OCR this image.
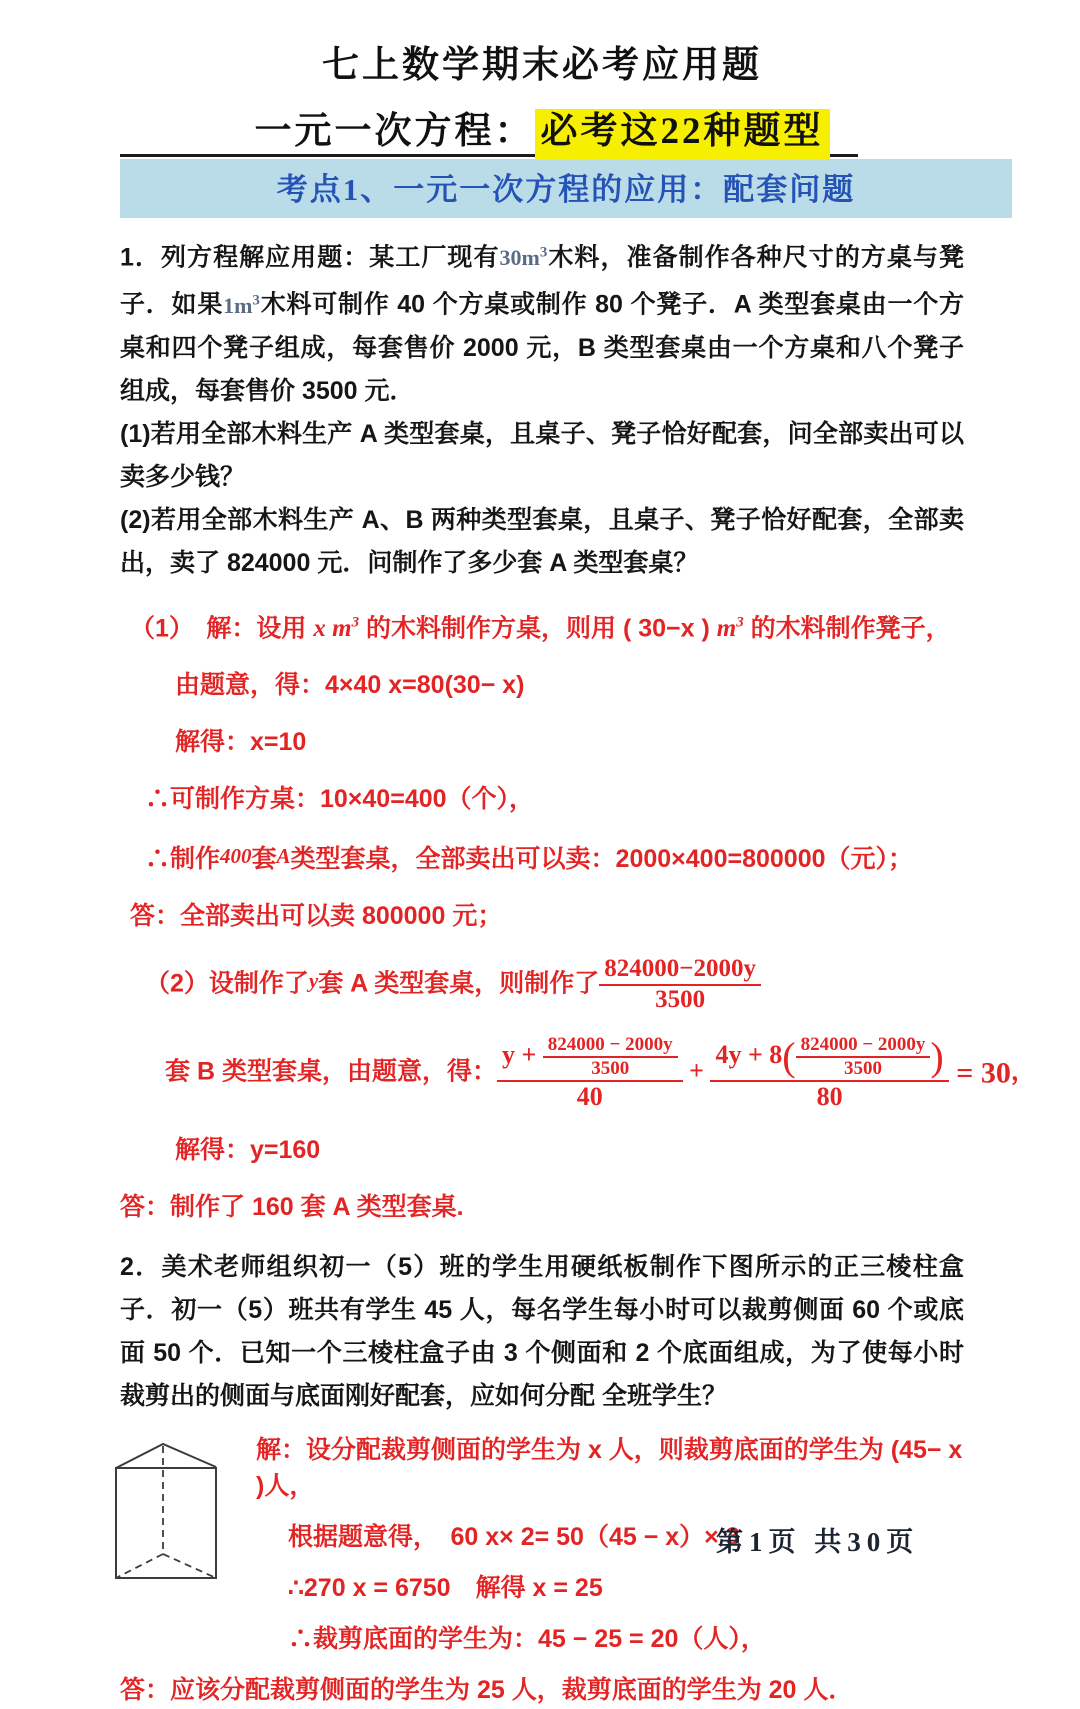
七上数学期末必考应用题
一元一次方程： 必考这22种题型
考点1、一元一次方程的应用：配套问题

1．列方程解应用题：某工厂现有$30m^3$木料，准备制作各种尺寸的方桌与凳子．如果$1m^3$木料可制作 40 个方桌或制作 80 个凳子．A 类型套桌由一个方桌和四个凳子组成，每套售价 2000 元，B 类型套桌由一个方桌和八个凳子组成，每套售价 3500 元．

(1)若用全部木料生产 A 类型套桌，且桌子、凳子恰好配套，问全部卖出可以卖多少钱？

(2)若用全部木料生产 A、B 两种类型套桌，且桌子、凳子恰好配套，全部卖出，卖了 824000 元．问制作了多少套 A 类型套桌？

（1）　解：设用 x $m^3$ 的木料制作方桌，则用 ( 30−x ) $m^3$ 的木料制作凳子，
由题意，得：4×40 x=80(30− x)
解得：x=10
∴可制作方桌：10×40=400（个），
∴制作400套A类型套桌，全部卖出可以卖：2000×400=800000（元）；
答：全部卖出可以卖 800000 元；
（2）设制作了y套 A 类型套桌，则制作了 $\frac{824000-2000y}{3500}$
套 B 类型套桌，由题意，得： $\frac{y + \frac{824000 - 2000y}{3500}}{40} + \frac{4y + 8( \frac{824000 - 2000y}{3500} )}{80} = 30$，
解得：y=160
答：制作了 160 套 A 类型套桌.

2．美术老师组织初一（5）班的学生用硬纸板制作下图所示的正三棱柱盒子．初一（5）班共有学生 45 人，每名学生每小时可以裁剪侧面 60 个或底面 50 个．已知一个三棱柱盒子由 3 个侧面和 2 个底面组成，为了使每小时裁剪出的侧面与底面刚好配套，应如何分配 全班学生？

解：设分配裁剪侧面的学生为 x 人，则裁剪底面的学生为 (45− x )人，
根据题意得，　60 x× 2= 50（45 − x）× 3
∴270 x = 6750　解得 x = 25
∴裁剪底面的学生为：45 − 25 = 20（人），
答：应该分配裁剪侧面的学生为 25 人，裁剪底面的学生为 20 人．
第1页 共30页
